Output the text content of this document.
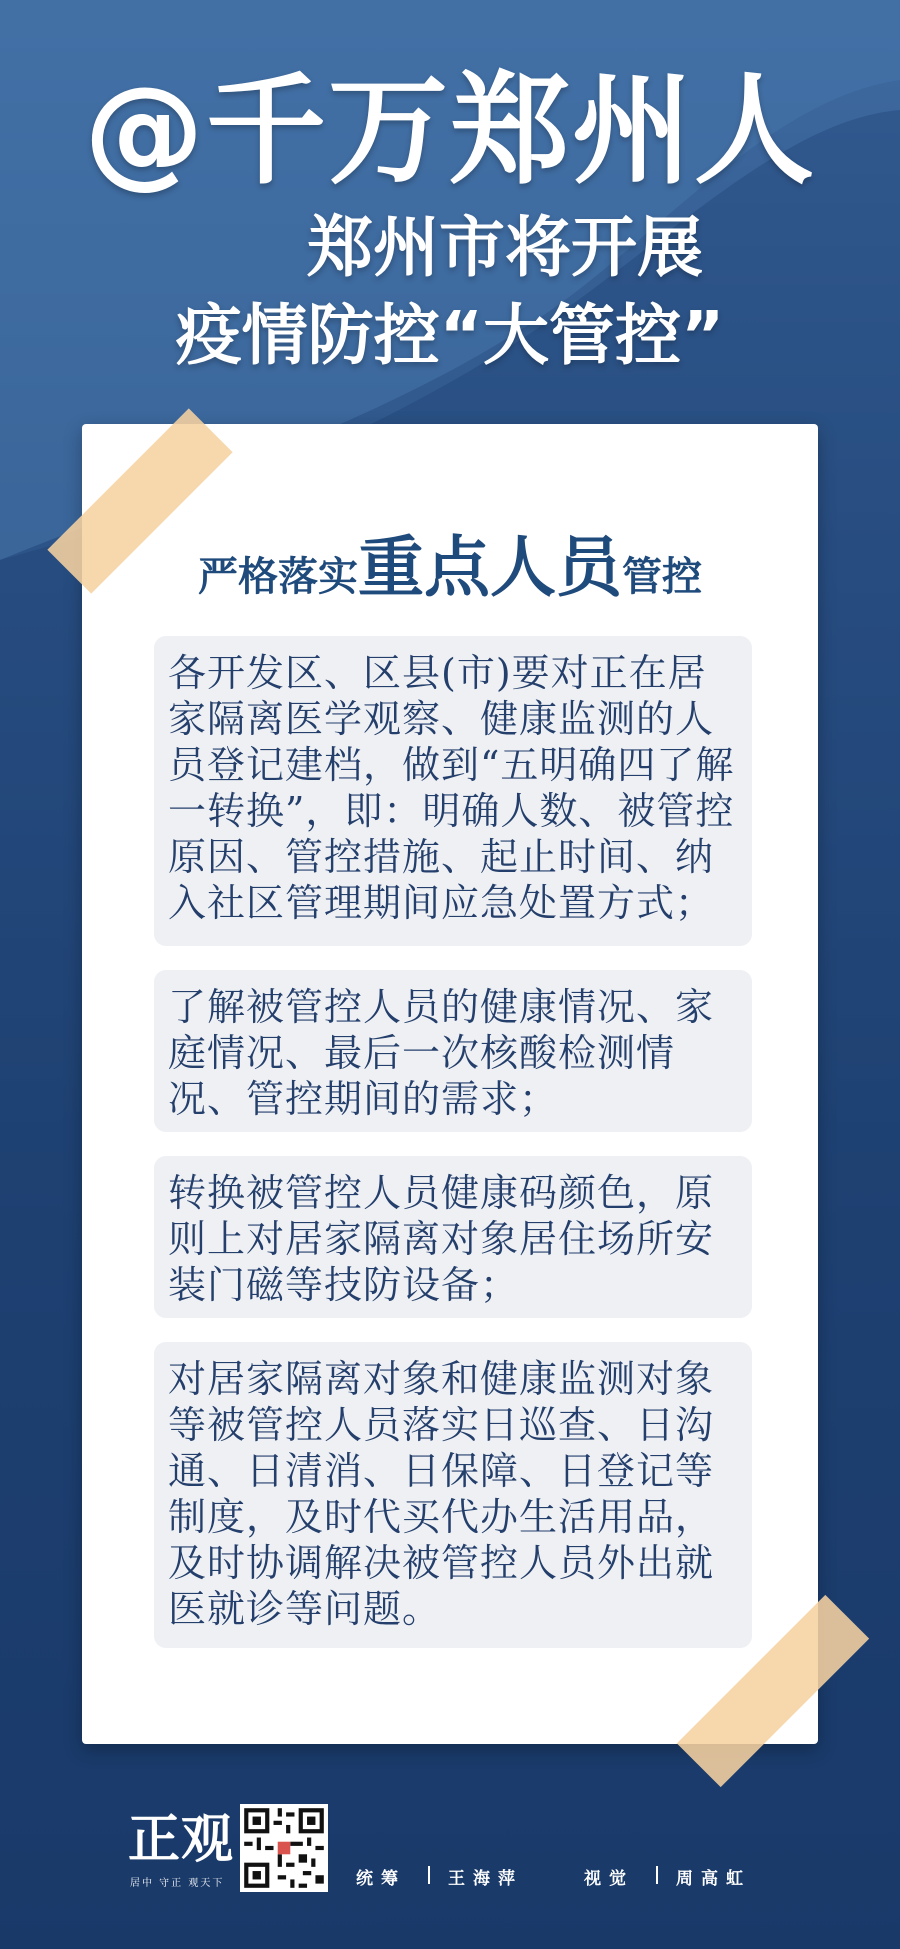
@千万郑州人
郑州市将开展
疫情防控“大管控”
严格落实重点人员管控
各开发区、区县(市)要对正在居家隔离医学观察、健康监测的人员登记建档，做到“五明确四了解一转换”，即：明确人数、被管控原因、管控措施、起止时间、纳入社区管理期间应急处置方式；
了解被管控人员的健康情况、家庭情况、最后一次核酸检测情况、管控期间的需求；
转换被管控人员健康码颜色，原则上对居家隔离对象居住场所安装门磁等技防设备；
对居家隔离对象和健康监测对象等被管控人员落实日巡查、日沟通、日清消、日保障、日登记等制度，及时代买代办生活用品，及时协调解决被管控人员外出就医就诊等问题。
正观
居中 守正 观天下	统筹 王海萍	视觉 周高虹
